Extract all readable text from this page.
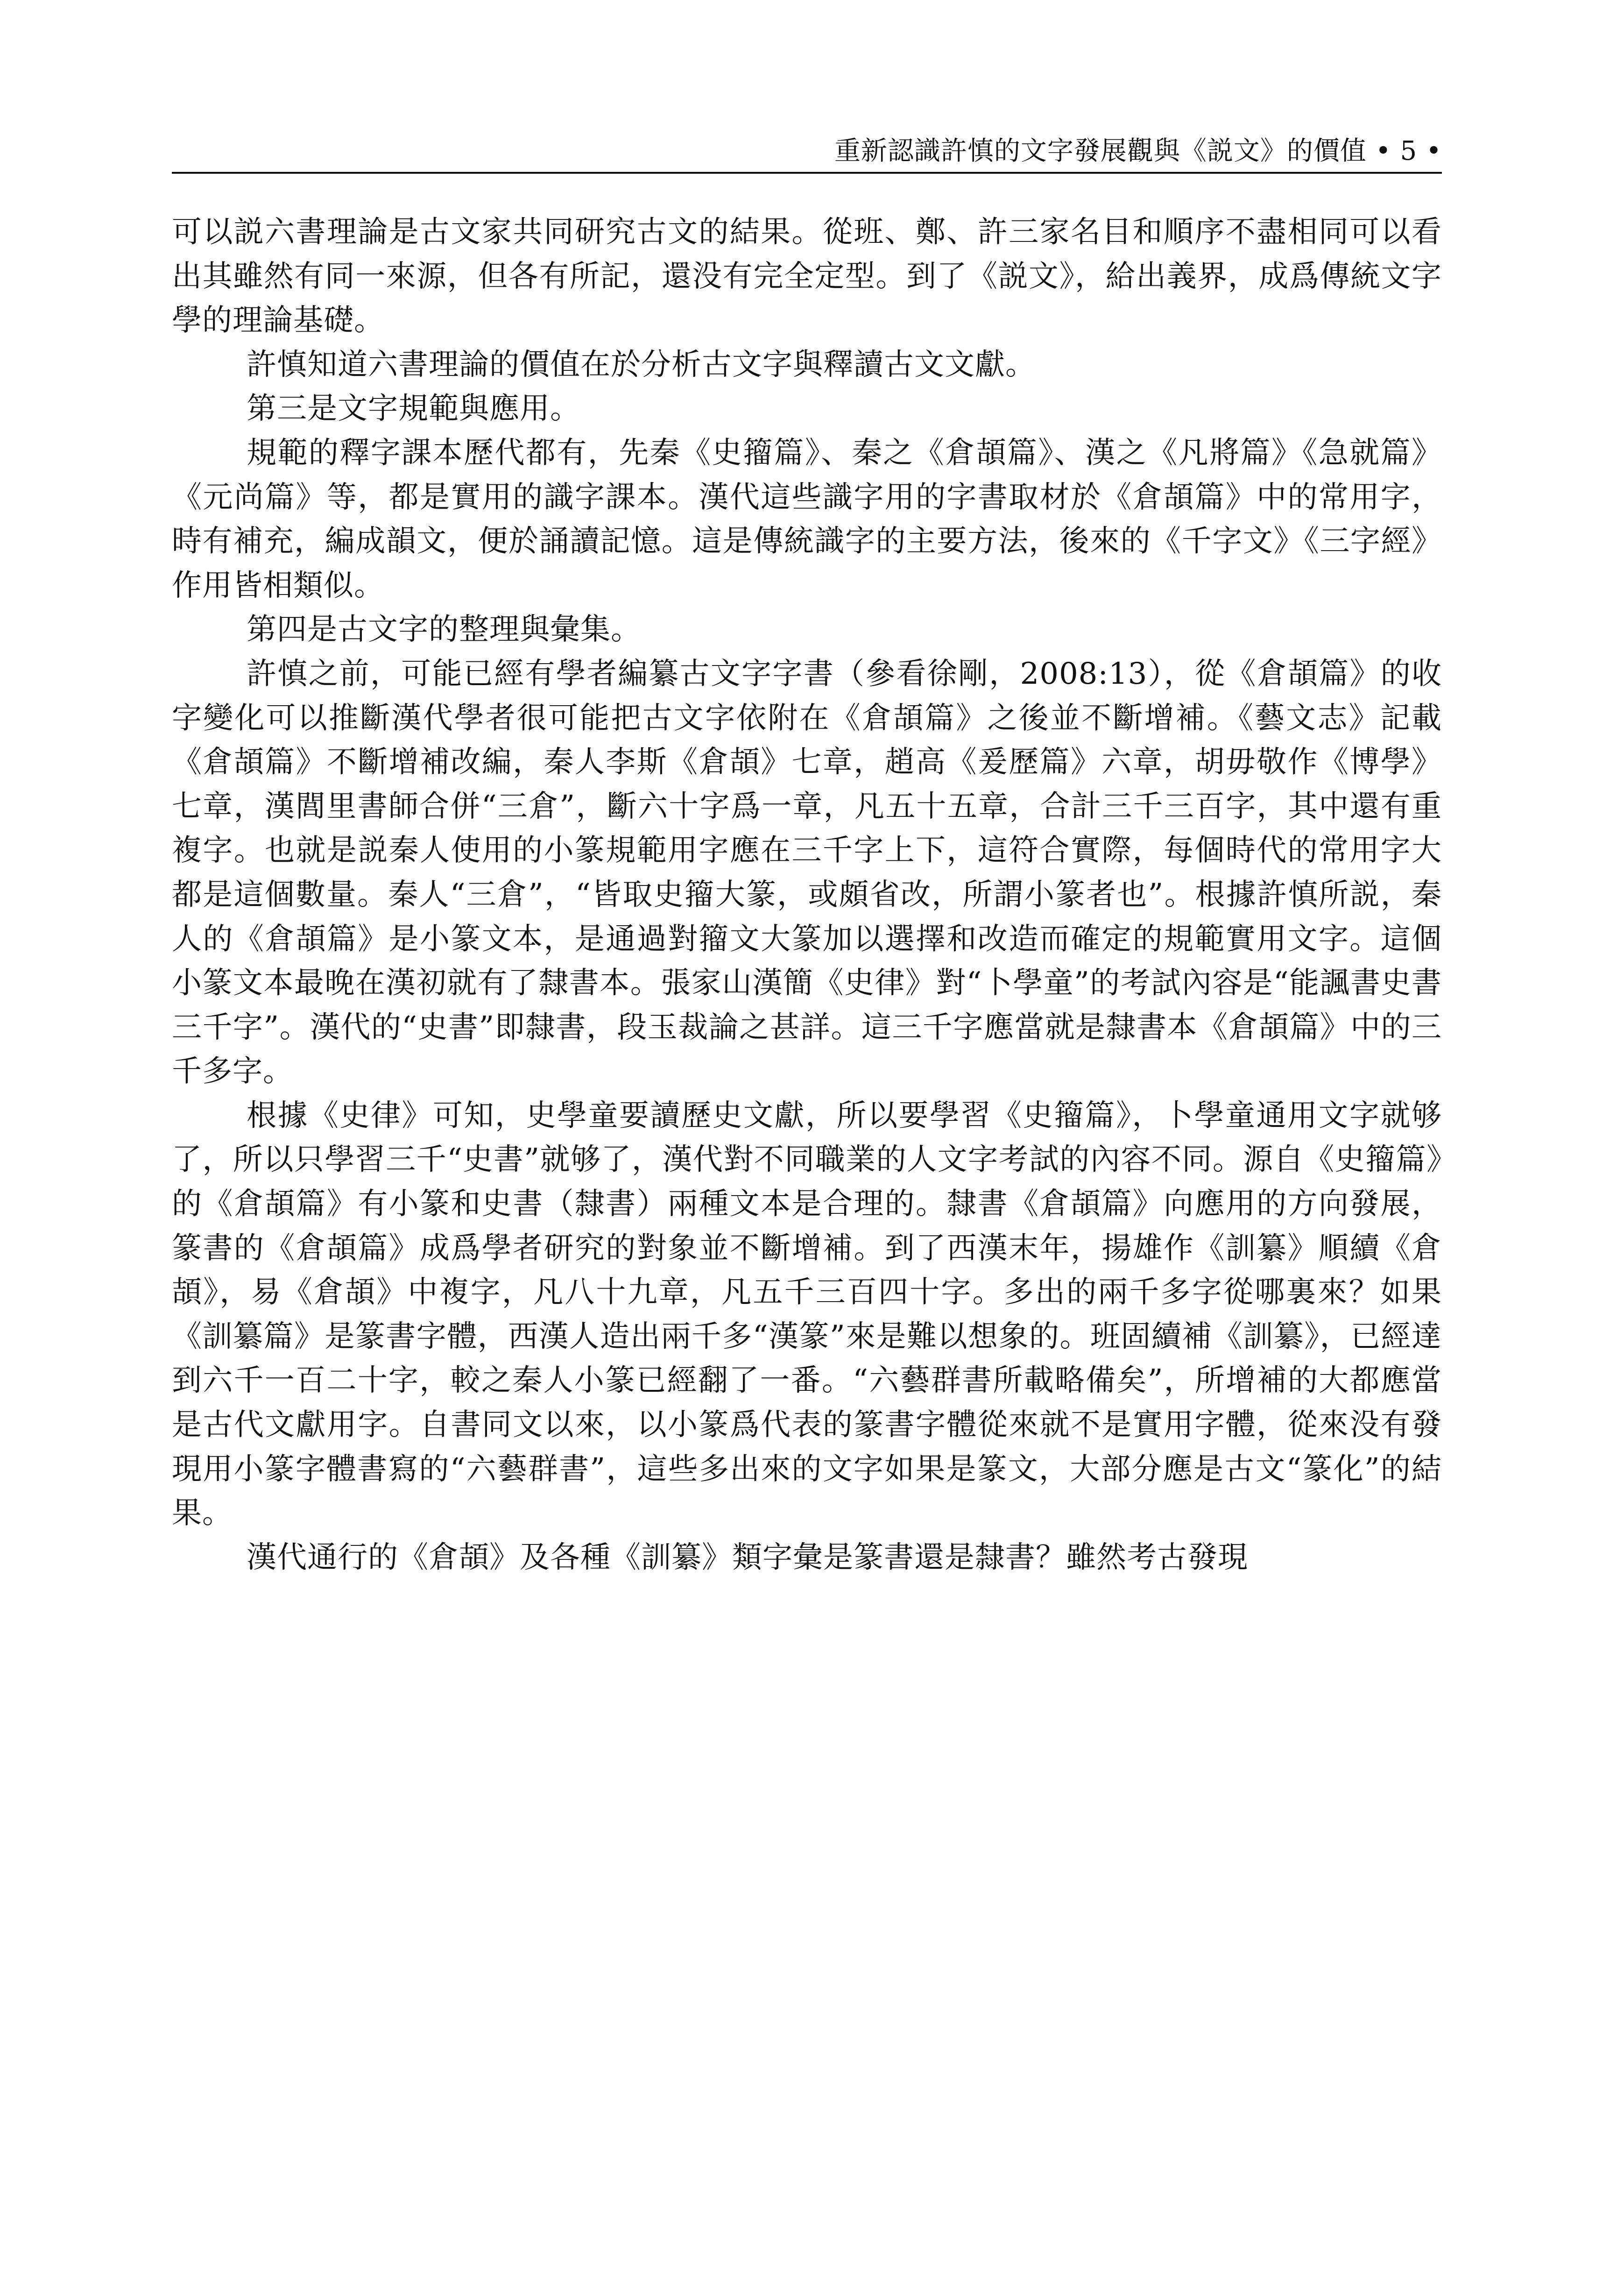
重新認識許慎的文字發展觀與《説文》的價值 • 5 •

可以説六書理論是古文家共同研究古文的結果。從班、鄭、許三家名目和順序不盡相同可以看出其雖然有同一來源，但各有所記，還没有完全定型。到了《説文》，給出義界，成爲傳統文字學的理論基礎。

許慎知道六書理論的價值在於分析古文字與釋讀古文文獻。

第三是文字規範與應用。

規範的釋字課本歷代都有，先秦《史籀篇》、秦之《倉頡篇》、漢之《凡將篇》《急就篇》《元尚篇》等，都是實用的識字課本。漢代這些識字用的字書取材於《倉頡篇》中的常用字，時有補充，編成韻文，便於誦讀記憶。這是傳統識字的主要方法，後來的《千字文》《三字經》作用皆相類似。

第四是古文字的整理與彙集。

許慎之前，可能已經有學者編纂古文字字書（參看徐剛，2008:13），從《倉頡篇》的收字變化可以推斷漢代學者很可能把古文字依附在《倉頡篇》之後並不斷增補。《藝文志》記載《倉頡篇》不斷增補改編，秦人李斯《倉頡》七章，趙高《爰歷篇》六章，胡毋敬作《博學》七章，漢閭里書師合併“三倉”，斷六十字爲一章，凡五十五章，合計三千三百字，其中還有重複字。也就是説秦人使用的小篆規範用字應在三千字上下，這符合實際，每個時代的常用字大都是這個數量。秦人“三倉”，“皆取史籀大篆，或頗省改，所謂小篆者也”。根據許慎所説，秦人的《倉頡篇》是小篆文本，是通過對籀文大篆加以選擇和改造而確定的規範實用文字。這個小篆文本最晚在漢初就有了隸書本。張家山漢簡《史律》對“卜學童”的考試內容是“能諷書史書三千字”。漢代的“史書”即隸書，段玉裁論之甚詳。這三千字應當就是隸書本《倉頡篇》中的三千多字。

根據《史律》可知，史學童要讀歷史文獻，所以要學習《史籀篇》，卜學童通用文字就够了，所以只學習三千“史書”就够了，漢代對不同職業的人文字考試的內容不同。源自《史籀篇》的《倉頡篇》有小篆和史書（隸書）兩種文本是合理的。隸書《倉頡篇》向應用的方向發展，篆書的《倉頡篇》成爲學者研究的對象並不斷增補。到了西漢末年，揚雄作《訓纂》順續《倉頡》，易《倉頡》中複字，凡八十九章，凡五千三百四十字。多出的兩千多字從哪裏來？如果《訓纂篇》是篆書字體，西漢人造出兩千多“漢篆”來是難以想象的。班固續補《訓纂》，已經達到六千一百二十字，較之秦人小篆已經翻了一番。“六藝群書所載略備矣”，所增補的大都應當是古代文獻用字。自書同文以來，以小篆爲代表的篆書字體從來就不是實用字體，從來没有發現用小篆字體書寫的“六藝群書”，這些多出來的文字如果是篆文，大部分應是古文“篆化”的結果。

漢代通行的《倉頡》及各種《訓纂》類字彙是篆書還是隸書？雖然考古發現
